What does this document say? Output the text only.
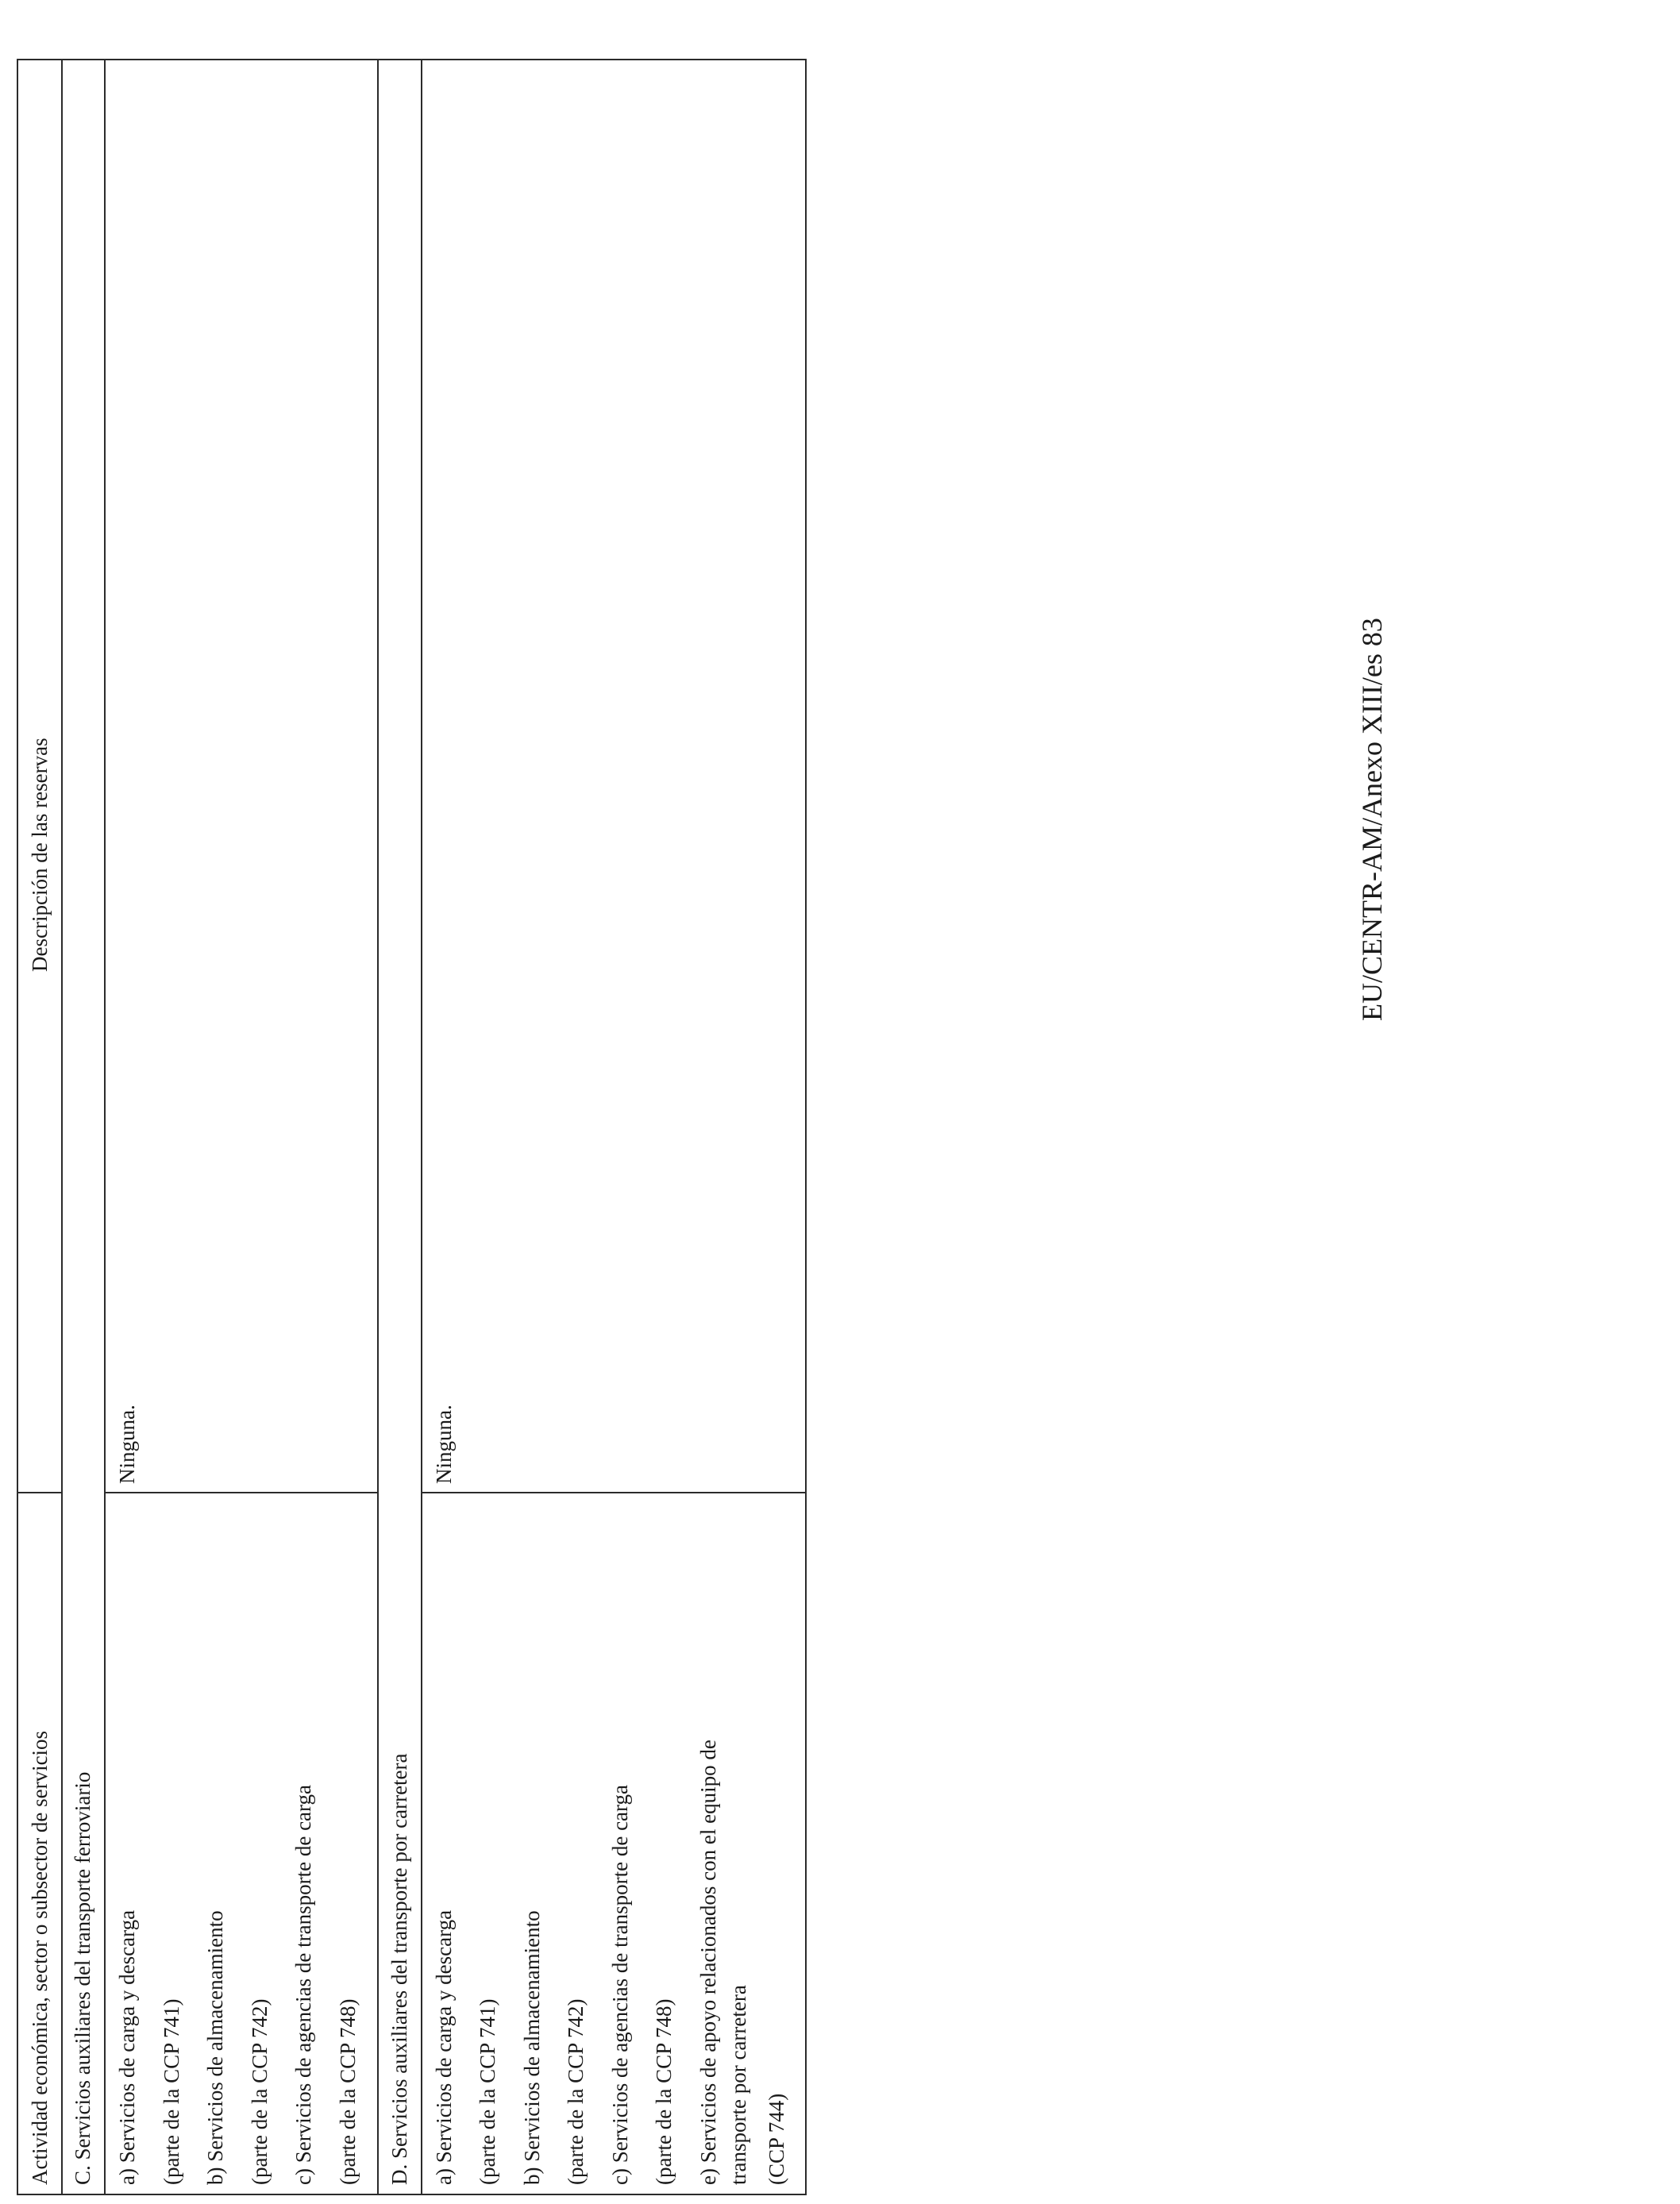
Actividad económica, sector o subsector de servicios
Descripción de las reservas
C. Servicios auxiliares del transporte ferroviario a) Servicios de carga y descarga (parte de la CCP 741) b) Servicios de almacenamiento (parte de la CCP 742) c) Servicios de agencias de transporte de carga (parte de la CCP 748)
Ninguna.
D. Servicios auxiliares del transporte por carretera a) Servicios de carga y descarga (parte de la CCP 741) b) Servicios de almacenamiento (parte de la CCP 742) c) Servicios de agencias de transporte de carga (parte de la CCP 748) e) Servicios de apoyo relacionados con el equipo de transporte por carretera (CCP 744)
Ninguna.
EU/CENTR-AM/Anexo XIII/es 83
